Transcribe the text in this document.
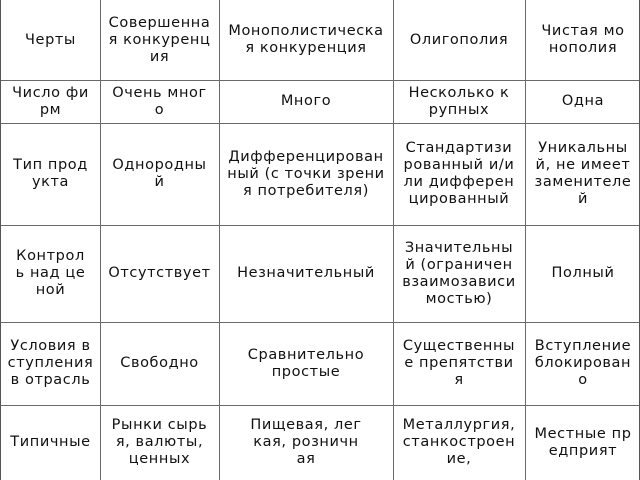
Черты
Совершенная конкуренция
Монополистическая конкуренция
Олигополия
Чистая монополия
Число фирм
Очень много
Много
Несколько крупных
Одна
Тип продукта
Однородный
Дифференцированный (с точки зрения потребителя)
Стандартизированный и/или дифференцированный
Уникальный, не имеет заменителей
Контроль над ценой
Отсутствует Незначительный
Значительный (ограничен взаимозависимостью)
Полный
Условия вступления в отрасль
Свободно
Сравнительно простые
Существенные препятствия
Вступление блокировано
Типичные
Рынки сырья, валюты, ценных
Пищевая, легкая, розничная
Металлургия, станкостроение,
Местные предприят
